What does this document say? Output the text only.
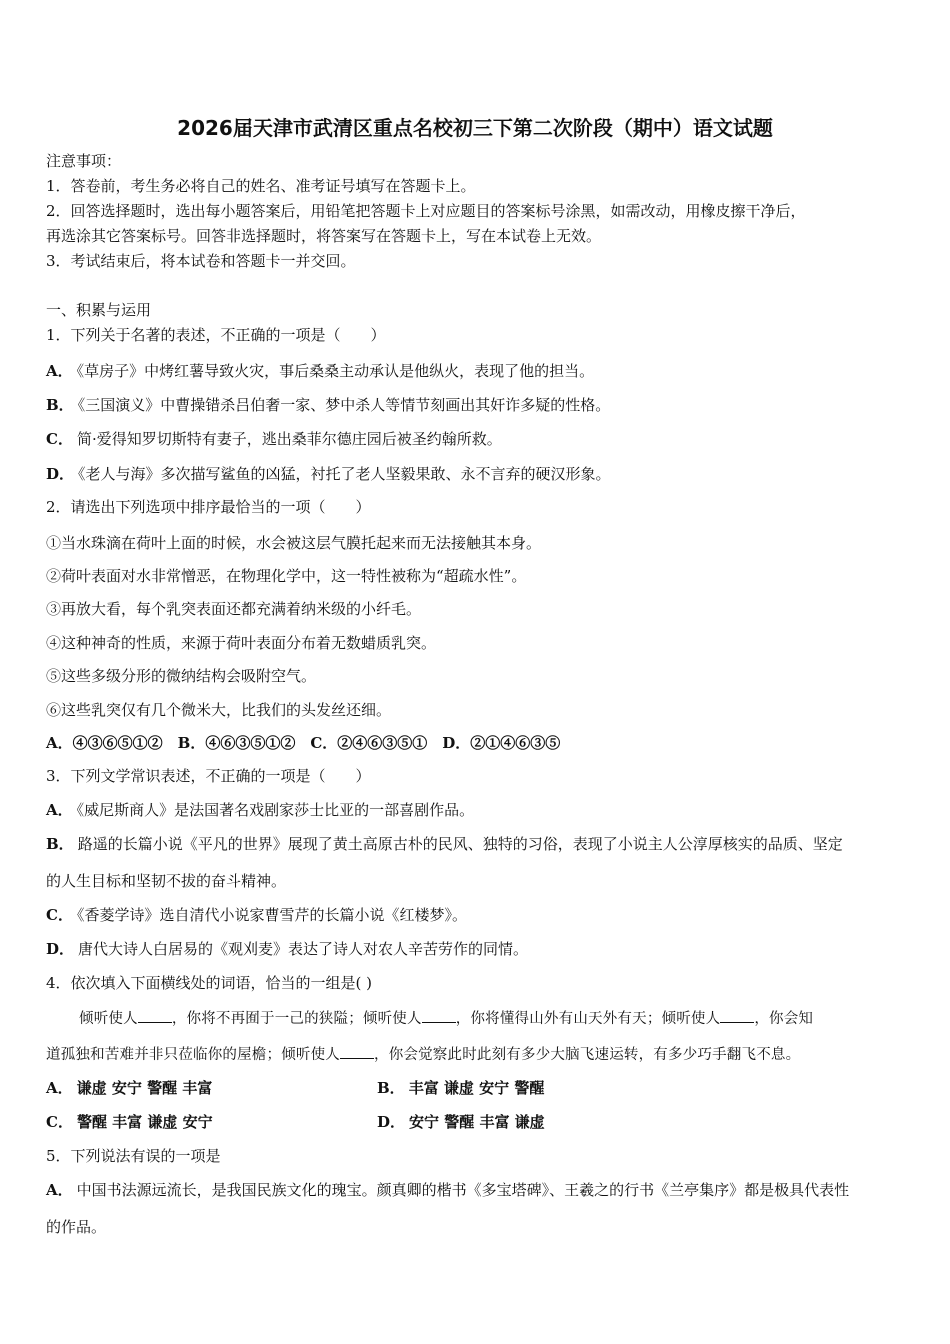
2026届天津市武清区重点名校初三下第二次阶段（期中）语文试题
注意事项：
1．答卷前，考生务必将自己的姓名、准考证号填写在答题卡上。
2．回答选择题时，选出每小题答案后，用铅笔把答题卡上对应题目的答案标号涂黑，如需改动，用橡皮擦干净后，
再选涂其它答案标号。回答非选择题时，将答案写在答题卡上，写在本试卷上无效。
3．考试结束后，将本试卷和答题卡一并交回。
一、积累与运用
1．下列关于名著的表述，不正确的一项是（　　）
A． 《草房子》中烤红薯导致火灾，事后桑桑主动承认是他纵火，表现了他的担当。
B． 《三国演义》中曹操错杀吕伯奢一家、梦中杀人等情节刻画出其奸诈多疑的性格。
C． 简·爱得知罗切斯特有妻子，逃出桑菲尔德庄园后被圣约翰所救。
D． 《老人与海》多次描写鲨鱼的凶猛，衬托了老人坚毅果敢、永不言弃的硬汉形象。
2．请选出下列选项中排序最恰当的一项（　　）
①当水珠滴在荷叶上面的时候，水会被这层气膜托起来而无法接触其本身。
②荷叶表面对水非常憎恶，在物理化学中，这一特性被称为“超疏水性”。
③再放大看，每个乳突表面还都充满着纳米级的小纤毛。
④这种神奇的性质，来源于荷叶表面分布着无数蜡质乳突。
⑤这些多级分形的微纳结构会吸附空气。
⑥这些乳突仅有几个微米大，比我们的头发丝还细。
A．④③⑥⑤①②　B．④⑥③⑤①②　C．②④⑥③⑤①　D．②①④⑥③⑤
3．下列文学常识表述，不正确的一项是（　　）
A． 《威尼斯商人》是法国著名戏剧家莎士比亚的一部喜剧作品。
B． 路遥的长篇小说《平凡的世界》展现了黄土高原古朴的民风、独特的习俗，表现了小说主人公淳厚核实的品质、坚定
的人生目标和坚韧不拔的奋斗精神。
C． 《香菱学诗》选自清代小说家曹雪芹的长篇小说《红楼梦》。
D． 唐代大诗人白居易的《观刈麦》表达了诗人对农人辛苦劳作的同情。
4．依次填入下面横线处的词语，恰当的一组是( )
倾听使人 ，你将不再囿于一己的狭隘；倾听使人 ，你将懂得山外有山天外有天；倾听使人 ，你会知
道孤独和苦难并非只莅临你的屋檐；倾听使人 ，你会觉察此时此刻有多少大脑飞速运转，有多少巧手翻飞不息。
A． 谦虚 安宁 警醒 丰富	B． 丰富 谦虚 安宁 警醒
C． 警醒 丰富 谦虚 安宁	D． 安宁 警醒 丰富 谦虚
5．下列说法有误的一项是
A． 中国书法源远流长，是我国民族文化的瑰宝。颜真卿的楷书《多宝塔碑》、王羲之的行书《兰亭集序》都是极具代表性
的作品。
